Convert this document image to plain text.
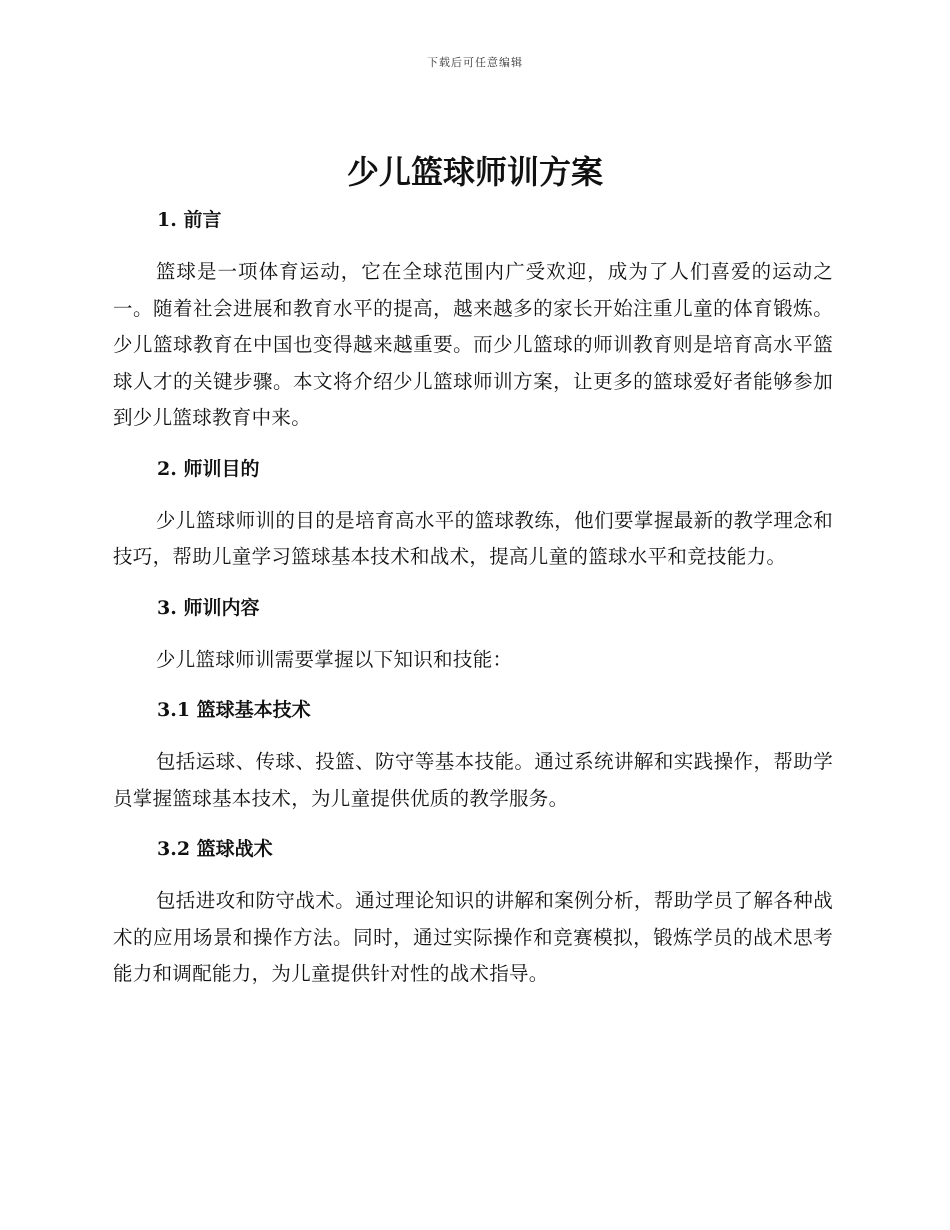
下载后可任意编辑
少儿篮球师训方案
1. 前言

篮球是一项体育运动，它在全球范围内广受欢迎，成为了人们喜爱的运动之一。随着社会进展和教育水平的提高，越来越多的家长开始注重儿童的体育锻炼。少儿篮球教育在中国也变得越来越重要。而少儿篮球的师训教育则是培育高水平篮球人才的关键步骤。本文将介绍少儿篮球师训方案，让更多的篮球爱好者能够参加到少儿篮球教育中来。

2. 师训目的

少儿篮球师训的目的是培育高水平的篮球教练，他们要掌握最新的教学理念和技巧，帮助儿童学习篮球基本技术和战术，提高儿童的篮球水平和竞技能力。

3. 师训内容

少儿篮球师训需要掌握以下知识和技能：

3.1 篮球基本技术

包括运球、传球、投篮、防守等基本技能。通过系统讲解和实践操作，帮助学员掌握篮球基本技术，为儿童提供优质的教学服务。

3.2 篮球战术

包括进攻和防守战术。通过理论知识的讲解和案例分析，帮助学员了解各种战术的应用场景和操作方法。同时，通过实际操作和竞赛模拟，锻炼学员的战术思考能力和调配能力，为儿童提供针对性的战术指导。
